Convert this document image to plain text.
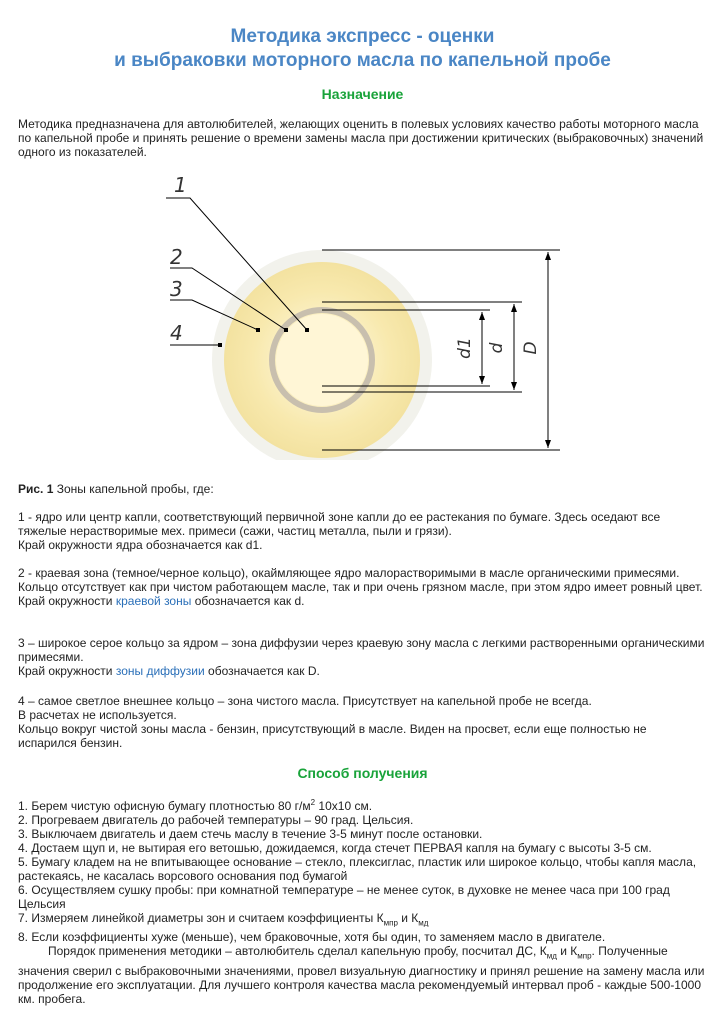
Методика экспресс - оценки
и выбраковки моторного масла по капельной пробе
Назначение
Методика предназначена для автолюбителей, желающих оценить в полевых условиях качество работы моторного масла по капельной пробе и принять решение о времени замены масла при достижении критических (выбраковочных) значений одного из показателей.
1
2
3
4
d1 d D
Рис. 1 Зоны капельной пробы, где:
1 - ядро или центр капли, соответствующий первичной зоне капли до ее растекания по бумаге. Здесь оседают все тяжелые нерастворимые мех. примеси (сажи, частиц металла, пыли и грязи).
Край окружности ядра обозначается как d1.
2 - краевая зона (темное/черное кольцо), окаймляющее ядро малорастворимыми в масле органическими примесями. Кольцо отсутствует как при чистом работающем масле, так и при очень грязном масле, при этом ядро имеет ровный цвет.
Край окружности краевой зоны обозначается как d.
3 – широкое серое кольцо за ядром – зона диффузии через краевую зону масла с легкими растворенными органическими примесями.
Край окружности зоны диффузии обозначается как D.
4 – самое светлое внешнее кольцо – зона чистого масла. Присутствует на капельной пробе не всегда.
В расчетах не используется.
Кольцо вокруг чистой зоны масла - бензин, присутствующий в масле. Виден на просвет, если еще полностью не испарился бензин.
Способ получения
1. Берем чистую офисную бумагу плотностью 80 $г/м^2$ 10х10 см.
2. Прогреваем двигатель до рабочей температуры – 90 град. Цельсия.
3. Выключаем двигатель и даем стечь маслу в течение 3-5 минут после остановки.
4. Достаем щуп и, не вытирая его ветошью, дожидаемся, когда стечет ПЕРВАЯ капля на бумагу с высоты 3-5 см.
5. Бумагу кладем на не впитывающее основание – стекло, плексиглас, пластик или широкое кольцо, чтобы капля масла, растекаясь, не касалась ворсового основания под бумагой
6. Осуществляем сушку пробы: при комнатной температуре – не менее суток, в духовке не менее часа при 100 град Цельсия
7. Измеряем линейкой диаметры зон и считаем коэффициенты $К_{мпр}$ и $К_{мд}$
8. Если коэффициенты хуже (меньше), чем браковочные, хотя бы один, то заменяем масло в двигателе.
Порядок применения методики – автолюбитель сделал капельную пробу, посчитал ДС, $К_{мд}$ и $К_{мпр}$. Полученные значения сверил с выбраковочными значениями, провел визуальную диагностику и принял решение на замену масла или продолжение его эксплуатации. Для лучшего контроля качества масла рекомендуемый интервал проб - каждые 500-1000 км. пробега.
